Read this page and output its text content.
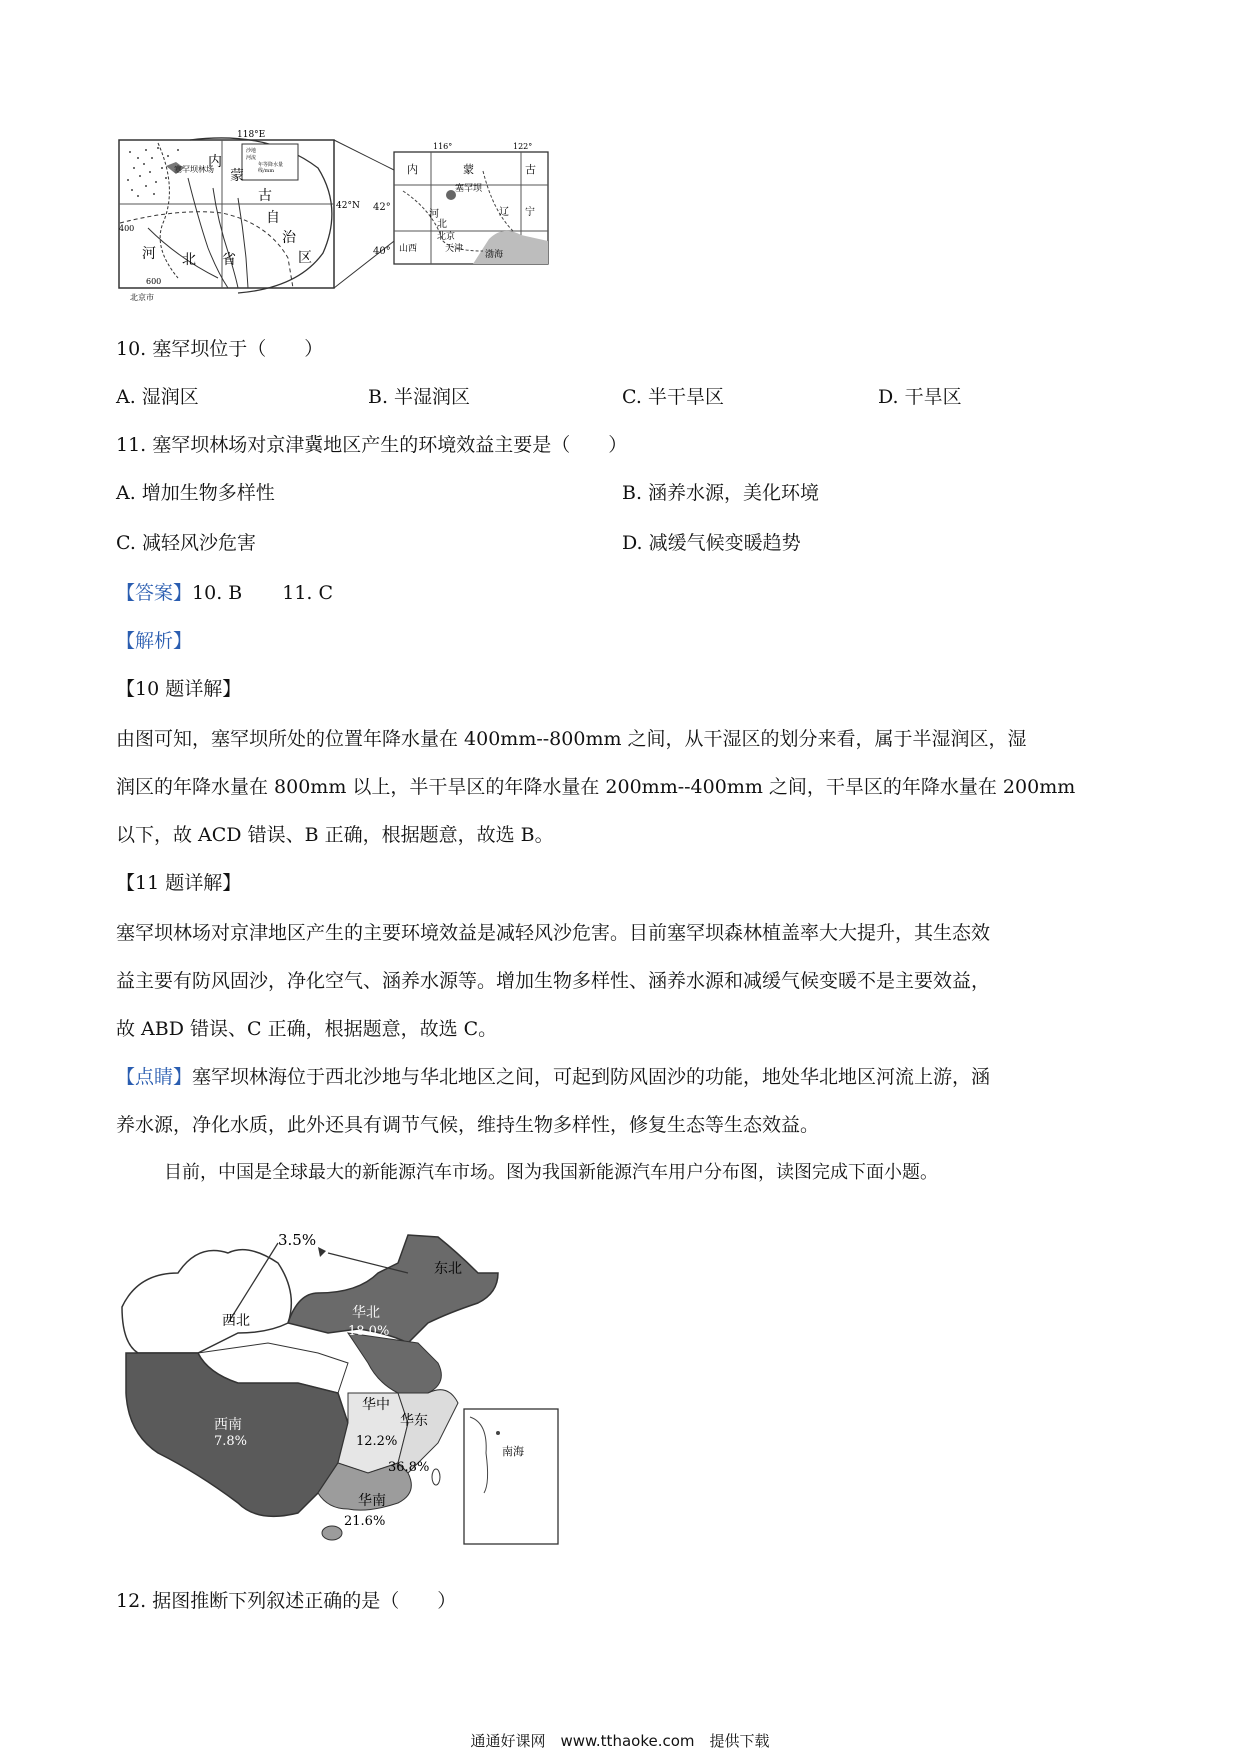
118°E
42°N
沙地
河流
年等降水量
线/mm
内
蒙
古
自
治
区
河 北 省
塞罕坝林场
400
600
北京市
116°	122°
内	蒙	古
辽 宁
山西
北京
天津
渤海
塞罕坝
河
北
42°
40°
10. 塞罕坝位于（　　）
A. 湿润区	B. 半湿润区	C. 半干旱区	D. 干旱区
11. 塞罕坝林场对京津冀地区产生的环境效益主要是（　　）
A. 增加生物多样性	B. 涵养水源，美化环境
C. 减轻风沙危害	D. 减缓气候变暖趋势
【答案】10. B 11. C
【解析】
【10 题详解】
由图可知，塞罕坝所处的位置年降水量在 400mm--800mm 之间，从干湿区的划分来看，属于半湿润区，湿
润区的年降水量在 800mm 以上，半干旱区的年降水量在 200mm--400mm 之间，干旱区的年降水量在 200mm
以下，故 ACD 错误、B 正确，根据题意，故选 B。
【11 题详解】
塞罕坝林场对京津地区产生的主要环境效益是减轻风沙危害。目前塞罕坝森林植盖率大大提升，其生态效
益主要有防风固沙，净化空气、涵养水源等。增加生物多样性、涵养水源和减缓气候变暖不是主要效益，
故 ABD 错误、C 正确，根据题意，故选 C。
【点睛】塞罕坝林海位于西北沙地与华北地区之间，可起到防风固沙的功能，地处华北地区河流上游，涵
养水源，净化水质，此外还具有调节气候，维持生物多样性，修复生态等生态效益。
目前，中国是全球最大的新能源汽车市场。图为我国新能源汽车用户分布图，读图完成下面小题。
3.5%
东北
西北	华北
18.0%
西南
7.8%
华中
12.2%
华东
36.8%
华南
21.6%
南海
12. 据图推断下列叙述正确的是（　　）
通通好课网　www.tthaoke.com　提供下载
